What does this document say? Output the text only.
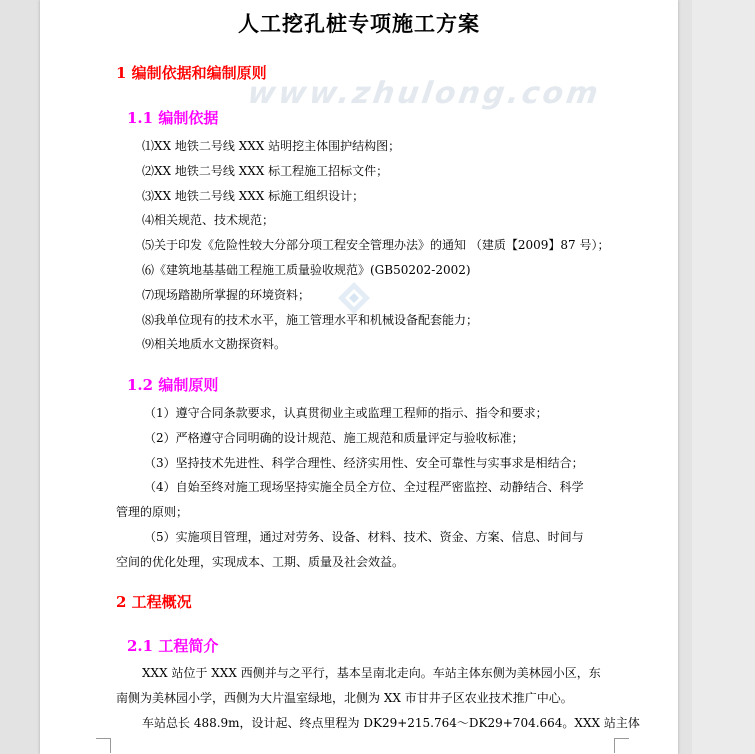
www.zhulong.com
人工挖孔桩专项施工方案
1 编制依据和编制原则
1.1 编制依据
⑴XX 地铁二号线 XXX 站明挖主体围护结构图；
⑵XX 地铁二号线 XXX 标工程施工招标文件；
⑶XX 地铁二号线 XXX 标施工组织设计；
⑷相关规范、技术规范；
⑸关于印发《危险性较大分部分项工程安全管理办法》的通知 （建质【2009】87 号）；
⑹《建筑地基基础工程施工质量验收规范》(GB50202-2002)
⑺现场踏勘所掌握的环境资料；
⑻我单位现有的技术水平，施工管理水平和机械设备配套能力；
⑼相关地质水文勘探资料。
1.2 编制原则
（1）遵守合同条款要求，认真贯彻业主或监理工程师的指示、指令和要求；
（2）严格遵守合同明确的设计规范、施工规范和质量评定与验收标准；
（3）坚持技术先进性、科学合理性、经济实用性、安全可靠性与实事求是相结合；
（4）自始至终对施工现场坚持实施全员全方位、全过程严密监控、动静结合、科学
管理的原则；
（5）实施项目管理，通过对劳务、设备、材料、技术、资金、方案、信息、时间与
空间的优化处理，实现成本、工期、质量及社会效益。
2 工程概况
2.1 工程简介
XXX 站位于 XXX 西侧并与之平行，基本呈南北走向。车站主体东侧为美林园小区，东
南侧为美林园小学，西侧为大片温室绿地，北侧为 XX 市甘井子区农业技术推广中心。
车站总长 488.9m，设计起、终点里程为 DK29+215.764～DK29+704.664。XXX 站主体
